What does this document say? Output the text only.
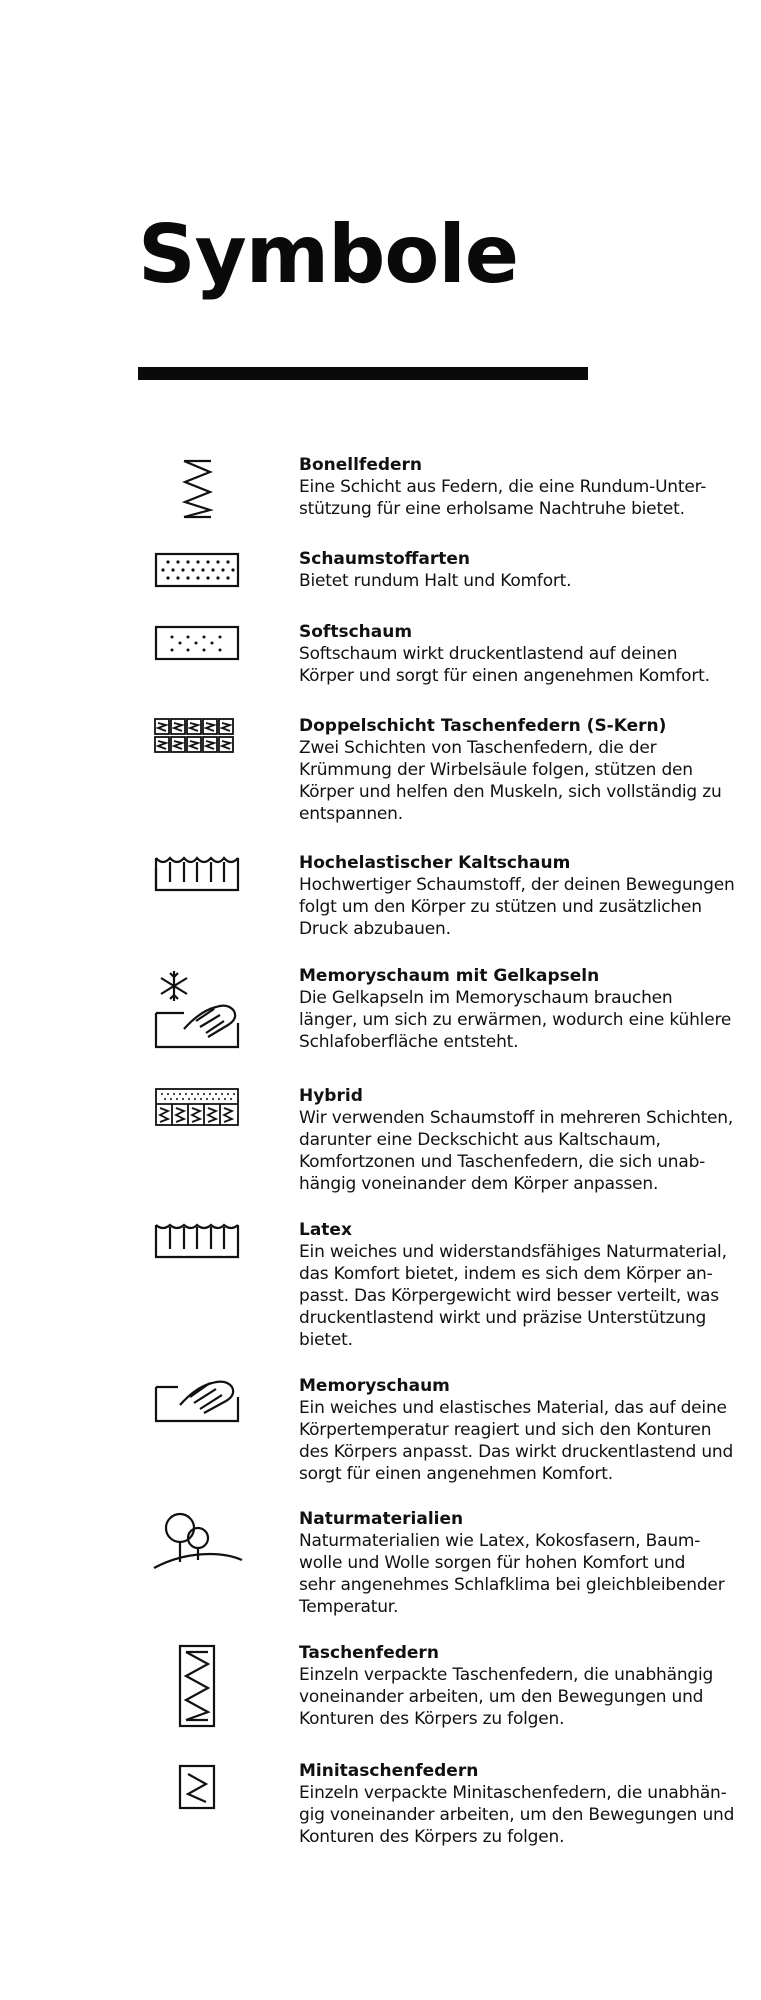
Symbole

Bonellfedern

Eine Schicht aus Federn, die eine Rundum-Unter-
stützung für eine erholsame Nachtruhe bietet.

Schaumstoffarten

Bietet rundum Halt und Komfort.

Softschaum

Softschaum wirkt druckentlastend auf deinen
Körper und sorgt für einen angenehmen Komfort.

Doppelschicht Taschenfedern (S-Kern)

Zwei Schichten von Taschenfedern, die der
Krümmung der Wirbelsäule folgen, stützen den
Körper und helfen den Muskeln, sich vollständig zu
entspannen.

Hochelastischer Kaltschaum

Hochwertiger Schaumstoff, der deinen Bewegungen
folgt um den Körper zu stützen und zusätzlichen
Druck abzubauen.

Memoryschaum mit Gelkapseln

Die Gelkapseln im Memoryschaum brauchen
länger, um sich zu erwärmen, wodurch eine kühlere
Schlafoberfläche entsteht.

Hybrid

Wir verwenden Schaumstoff in mehreren Schichten,
darunter eine Deckschicht aus Kaltschaum,
Komfortzonen und Taschenfedern, die sich unab-
hängig voneinander dem Körper anpassen.

Latex

Ein weiches und widerstandsfähiges Naturmaterial,
das Komfort bietet, indem es sich dem Körper an-
passt. Das Körpergewicht wird besser verteilt, was
druckentlastend wirkt und präzise Unterstützung
bietet.

Memoryschaum

Ein weiches und elastisches Material, das auf deine
Körpertemperatur reagiert und sich den Konturen
des Körpers anpasst. Das wirkt druckentlastend und
sorgt für einen angenehmen Komfort.

Naturmaterialien

Naturmaterialien wie Latex, Kokosfasern, Baum-
wolle und Wolle sorgen für hohen Komfort und
sehr angenehmes Schlafklima bei gleichbleibender
Temperatur.

Taschenfedern

Einzeln verpackte Taschenfedern, die unabhängig
voneinander arbeiten, um den Bewegungen und
Konturen des Körpers zu folgen.

Minitaschenfedern

Einzeln verpackte Minitaschenfedern, die unabhän-
gig voneinander arbeiten, um den Bewegungen und
Konturen des Körpers zu folgen.
